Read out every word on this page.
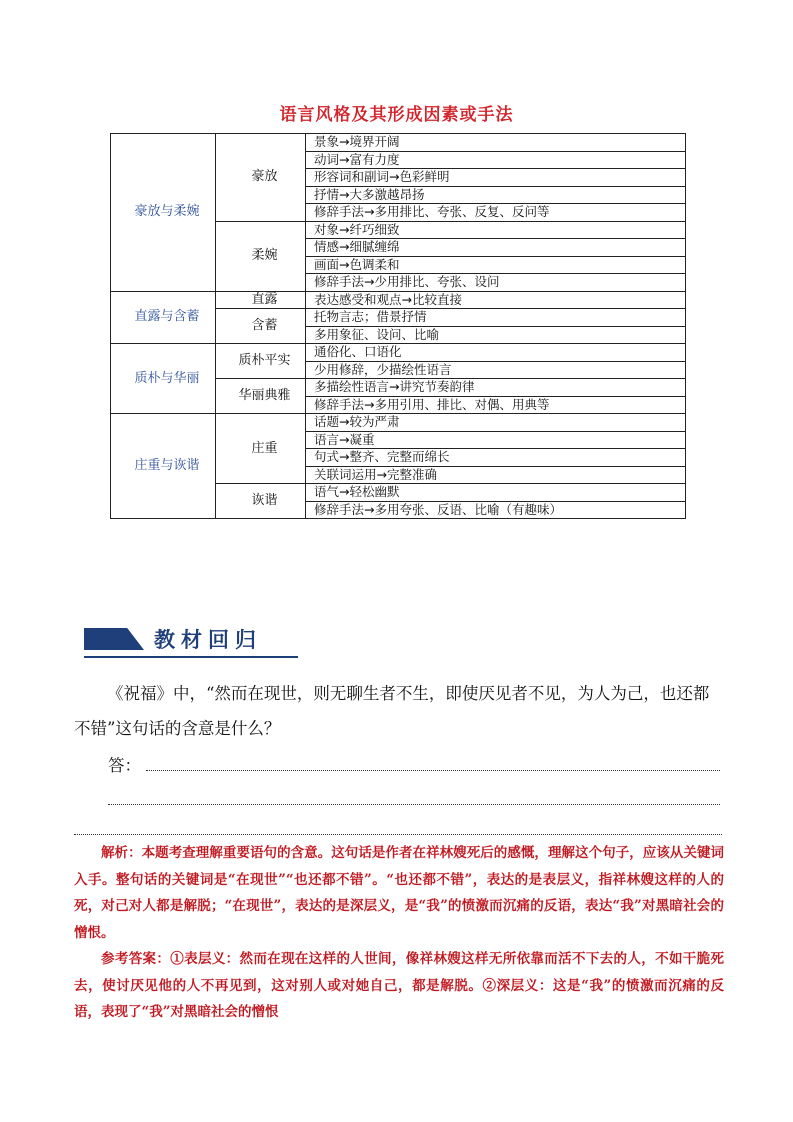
语言风格及其形成因素或手法
豪放与柔婉	豪放	景象→境界开阔
		动词→富有力度
		形容词和副词→色彩鲜明
		抒情→大多激越昂扬
		修辞手法→多用排比、夸张、反复、反问等
	柔婉	对象→纤巧细致
		情感→细腻缠绵
		画面→色调柔和
		修辞手法→少用排比、夸张、设问
直露与含蓄	直露	表达感受和观点→比较直接
	含蓄	托物言志；借景抒情
		多用象征、设问、比喻
质朴与华丽	质朴平实	通俗化、口语化
		少用修辞，少描绘性语言
	华丽典雅	多描绘性语言→讲究节奏韵律
		修辞手法→多用引用、排比、对偶、用典等
庄重与诙谐	庄重	话题→较为严肃
		语言→凝重
		句式→整齐、完整而绵长
		关联词运用→完整准确
	诙谐	语气→轻松幽默
		修辞手法→多用夸张、反语、比喻（有趣味）
教材回归
《祝福》中，“然而在现世，则无聊生者不生，即使厌见者不见，为人为己，也还都不错”这句话的含意是什么？
答：
解析：本题考查理解重要语句的含意。这句话是作者在祥林嫂死后的感慨，理解这个句子，应该从关键词入手。整句话的关键词是“在现世”“也还都不错”。“也还都不错”，表达的是表层义，指祥林嫂这样的人的死，对己对人都是解脱；“在现世”，表达的是深层义，是“我”的愤激而沉痛的反语，表达“我”对黑暗社会的憎恨。
参考答案：①表层义：然而在现在这样的人世间，像祥林嫂这样无所依靠而活不下去的人，不如干脆死去，使讨厌见他的人不再见到，这对别人或对她自己，都是解脱。②深层义：这是“我”的愤激而沉痛的反语，表现了“我”对黑暗社会的憎恨
